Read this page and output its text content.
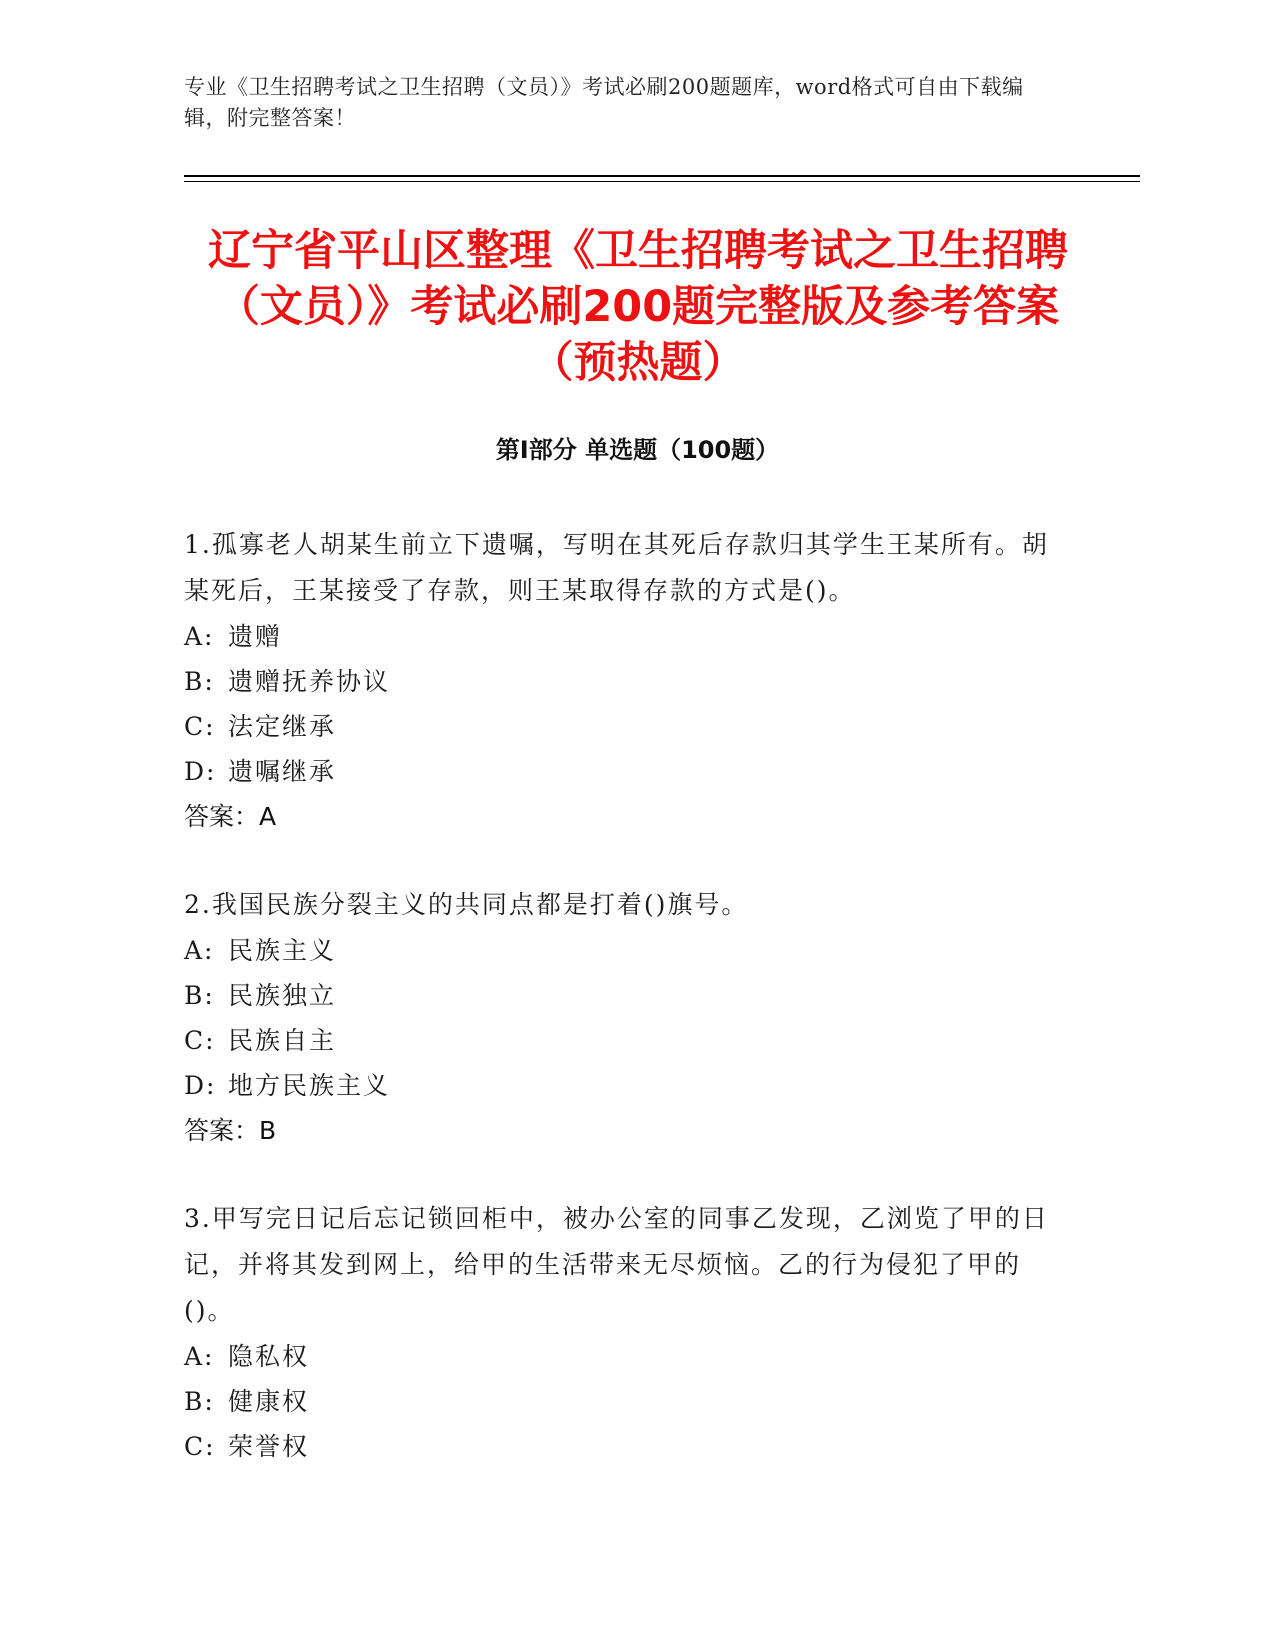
专业《卫生招聘考试之卫生招聘（文员）》考试必刷200题题库，word格式可自由下载编辑，附完整答案！
辽宁省平山区整理《卫生招聘考试之卫生招聘（文员）》考试必刷200题完整版及参考答案（预热题）
第Ⅰ部分 单选题（100题）
1.孤寡老人胡某生前立下遗嘱，写明在其死后存款归其学生王某所有。胡某死后，王某接受了存款，则王某取得存款的方式是()。
A: 遗赠
B: 遗赠抚养协议
C: 法定继承
D: 遗嘱继承
答案：A
2.我国民族分裂主义的共同点都是打着()旗号。
A: 民族主义
B: 民族独立
C: 民族自主
D: 地方民族主义
答案：B
3.甲写完日记后忘记锁回柜中，被办公室的同事乙发现，乙浏览了甲的日记，并将其发到网上，给甲的生活带来无尽烦恼。乙的行为侵犯了甲的()。
A: 隐私权
B: 健康权
C: 荣誉权
